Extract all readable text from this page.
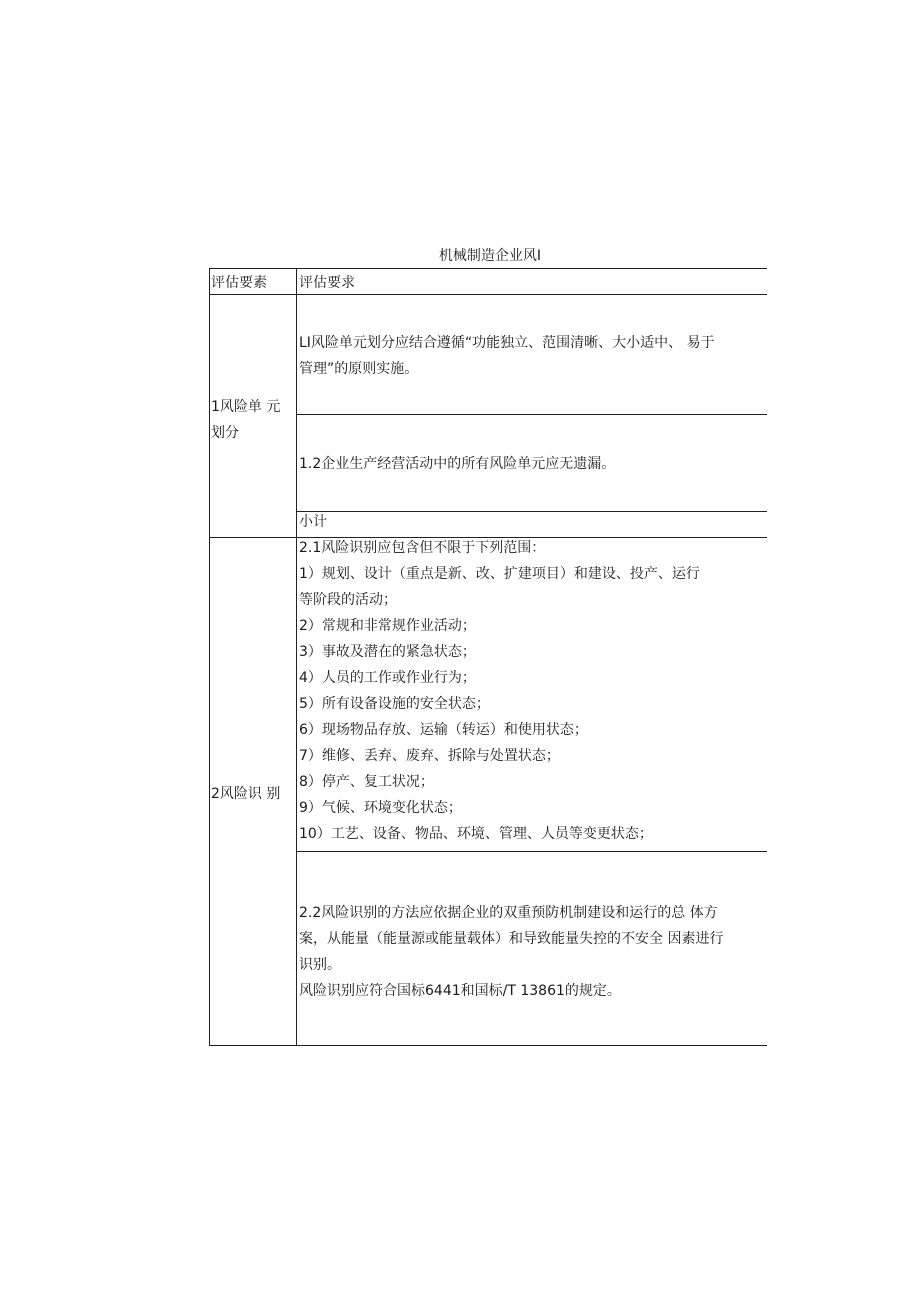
机械制造企业风I
评估要素 评估要求
1风险单 元
划分
LI风险单元划分应结合遵循“功能独立、范围清晰、大小适中、 易于
管理”的原则实施。
1.2企业生产经营活动中的所有风险单元应无遗漏。
小计
2风险识 别
2.1风险识别应包含但不限于下列范围：
1）规划、设计（重点是新、改、扩建项目）和建设、投产、运行
等阶段的活动；
2）常规和非常规作业活动；
3）事故及潜在的紧急状态；
4）人员的工作或作业行为；
5）所有设备设施的安全状态；
6）现场物品存放、运输（转运）和使用状态；
7）维修、丢弃、废弃、拆除与处置状态；
8）停产、复工状况；
9）气候、环境变化状态；
10）工艺、设备、物品、环境、管理、人员等变更状态；
2.2风险识别的方法应依据企业的双重预防机制建设和运行的总 体方
案，从能量（能量源或能量载体）和导致能量失控的不安全 因素进行
识别。
风险识别应符合国标6441和国标/T 13861的规定。
